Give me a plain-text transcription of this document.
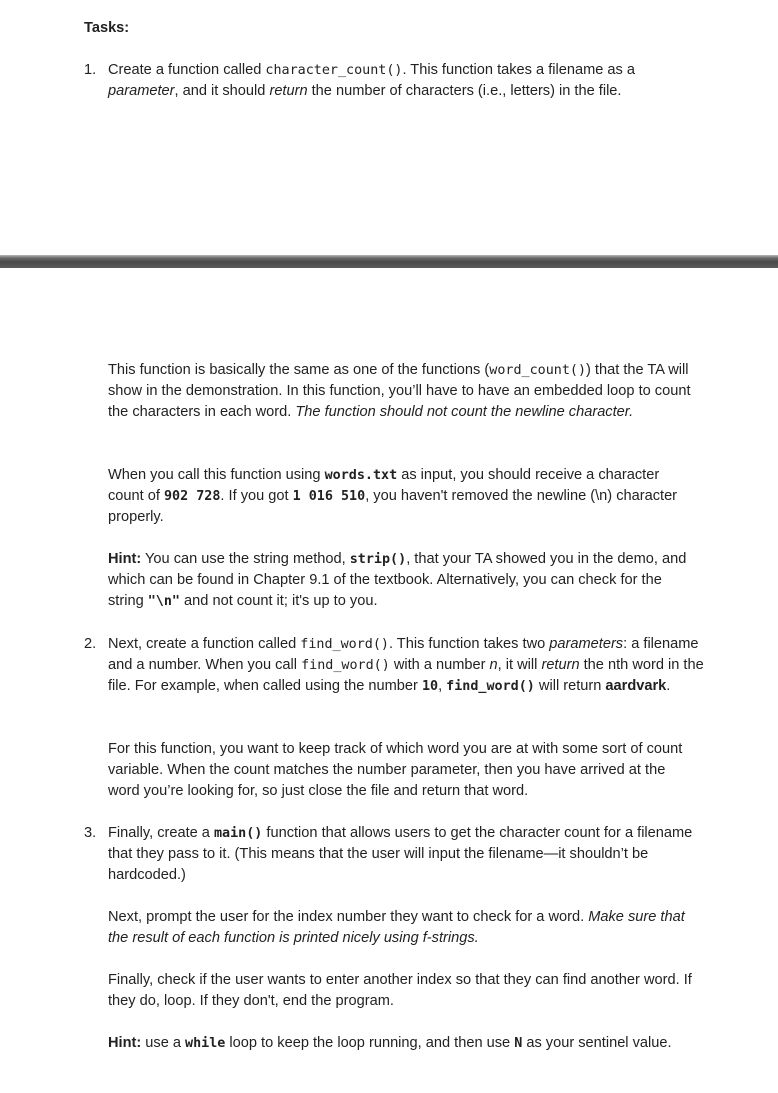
Tasks:
1. Create a function called character_count(). This function takes a filename as a parameter, and it should return the number of characters (i.e., letters) in the file.

This function is basically the same as one of the functions (word_count()) that the TA will show in the demonstration. In this function, you’ll have to have an embedded loop to count the characters in each word. The function should not count the newline character.

When you call this function using words.txt as input, you should receive a character count of 902 728. If you got 1 016 510, you haven't removed the newline (\n) character properly.

Hint: You can use the string method, strip(), that your TA showed you in the demo, and which can be found in Chapter 9.1 of the textbook. Alternatively, you can check for the string "\n" and not count it; it's up to you.

2. Next, create a function called find_word(). This function takes two parameters: a filename and a number. When you call find_word() with a number n, it will return the nth word in the file. For example, when called using the number 10, find_word() will return aardvark.

For this function, you want to keep track of which word you are at with some sort of count variable. When the count matches the number parameter, then you have arrived at the word you’re looking for, so just close the file and return that word.

3. Finally, create a main() function that allows users to get the character count for a filename that they pass to it. (This means that the user will input the filename—it shouldn’t be hardcoded.)

Next, prompt the user for the index number they want to check for a word. Make sure that the result of each function is printed nicely using f-strings.

Finally, check if the user wants to enter another index so that they can find another word. If they do, loop. If they don't, end the program.

Hint: use a while loop to keep the loop running, and then use N as your sentinel value.
